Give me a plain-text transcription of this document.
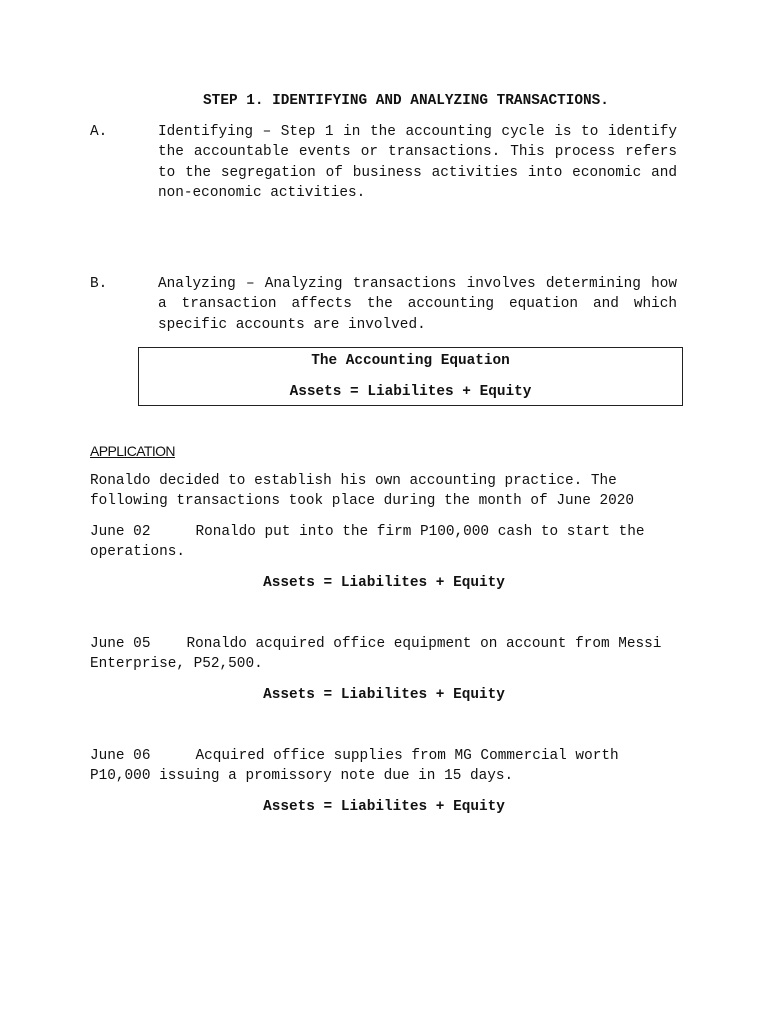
STEP 1. IDENTIFYING AND ANALYZING TRANSACTIONS.
A.	Identifying – Step 1 in the accounting cycle is to identify the accountable events or transactions. This process refers to the segregation of business activities into economic and non-economic activities.

B.	Analyzing – Analyzing transactions involves determining how a transaction affects the accounting equation and which specific accounts are involved.

The Accounting Equation
Assets = Liabilites + Equity
APPLICATION

Ronaldo decided to establish his own accounting practice. The following transactions took place during the month of June 2020

June 02	Ronaldo put into the firm P100,000 cash to start the operations.

Assets = Liabilites + Equity

June 05	Ronaldo acquired office equipment on account from Messi Enterprise, P52,500.

Assets = Liabilites + Equity

June 06	Acquired office supplies from MG Commercial worth P10,000 issuing a promissory note due in 15 days.

Assets = Liabilites + Equity
